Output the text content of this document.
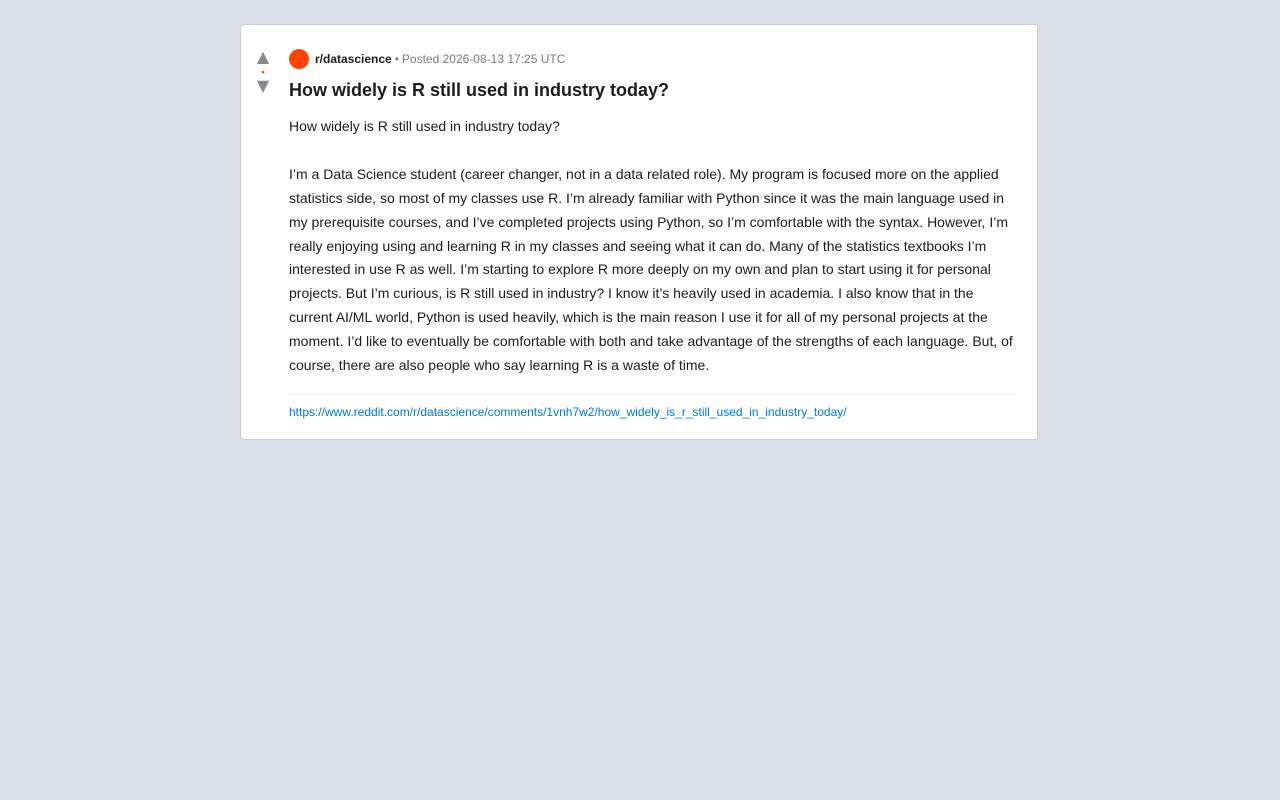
▲
•
▼
r/datascience • Posted 2026-08-13 17:25 UTC
How widely is R still used in industry today?

How widely is R still used in industry today?

I’m a Data Science student (career changer, not in a data related role). My program is focused more on the applied statistics side, so most of my classes use R. I’m already familiar with Python since it was the main language used in my prerequisite courses, and I’ve completed projects using Python, so I’m comfortable with the syntax. However, I’m really enjoying using and learning R in my classes and seeing what it can do. Many of the statistics textbooks I’m interested in use R as well. I’m starting to explore R more deeply on my own and plan to start using it for personal projects. But I’m curious, is R still used in industry? I know it’s heavily used in academia. I also know that in the current AI/ML world, Python is used heavily, which is the main reason I use it for all of my personal projects at the moment. I’d like to eventually be comfortable with both and take advantage of the strengths of each language. But, of course, there are also people who say learning R is a waste of time.

https://www.reddit.com/r/datascience/comments/1vnh7w2/how_widely_is_r_still_used_in_industry_today/
